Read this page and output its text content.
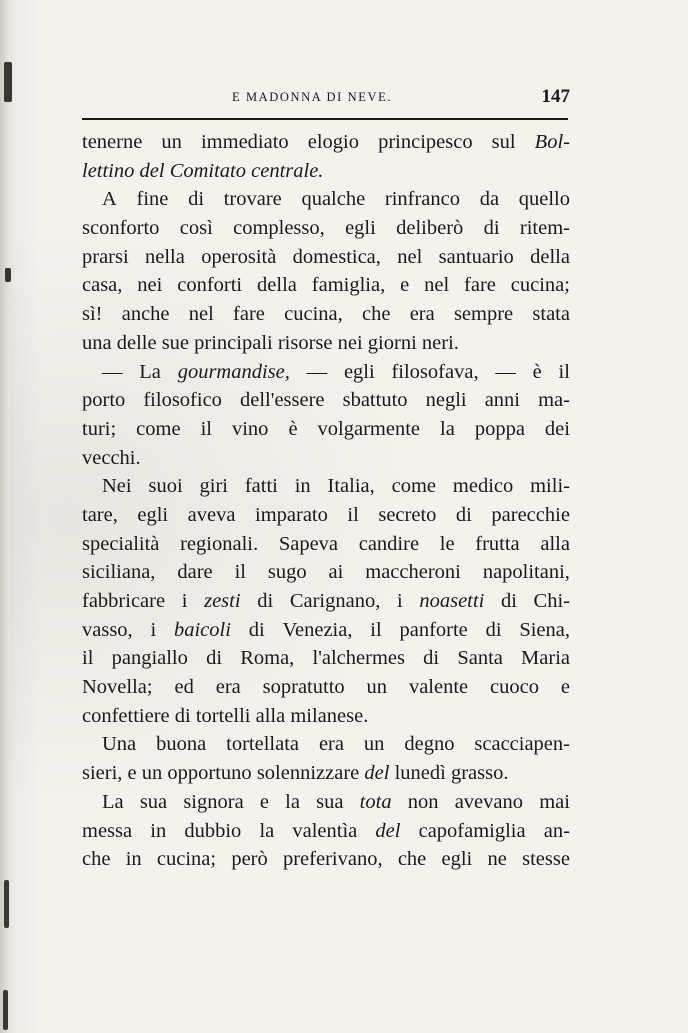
E MADONNA DI NEVE.	147
tenerne un immediato elogio principesco sul Bol-
lettino
del
Comitato
centrale.
A fine di trovare qualche rinfranco da quello
sconforto così complesso, egli deliberò di ritem-
prarsi nella operosità domestica, nel santuario della
casa, nei conforti della famiglia, e nel fare cucina;
sì! anche nel fare cucina, che era sempre stata
una
delle
sue
principali
risorse
nei
giorni
neri.
— La gourmandise, — egli filosofava, — è il
porto filosofico dell'essere sbattuto negli anni ma-
turi; come il vino è volgarmente la poppa dei
vecchi.
Nei suoi giri fatti in Italia, come medico mili-
tare, egli aveva imparato il secreto di parecchie
specialità regionali. Sapeva candire le frutta alla
siciliana, dare il sugo ai maccheroni napolitani,
fabbricare i zesti di Carignano, i noasetti di Chi-
vasso, i baicoli di Venezia, il panforte di Siena,
il pangiallo di Roma, l'alchermes di Santa Maria
Novella; ed era sopratutto un valente cuoco e
confettiere
di
tortelli
alla
milanese.
Una buona tortellata era un degno scacciapen-
sieri,
e
un
opportuno
solennizzare
del
lunedì
grasso.
La sua signora e la sua tota non avevano mai
messa in dubbio la valentìa del capofamiglia an-
che in cucina; però preferivano, che egli ne stesse
